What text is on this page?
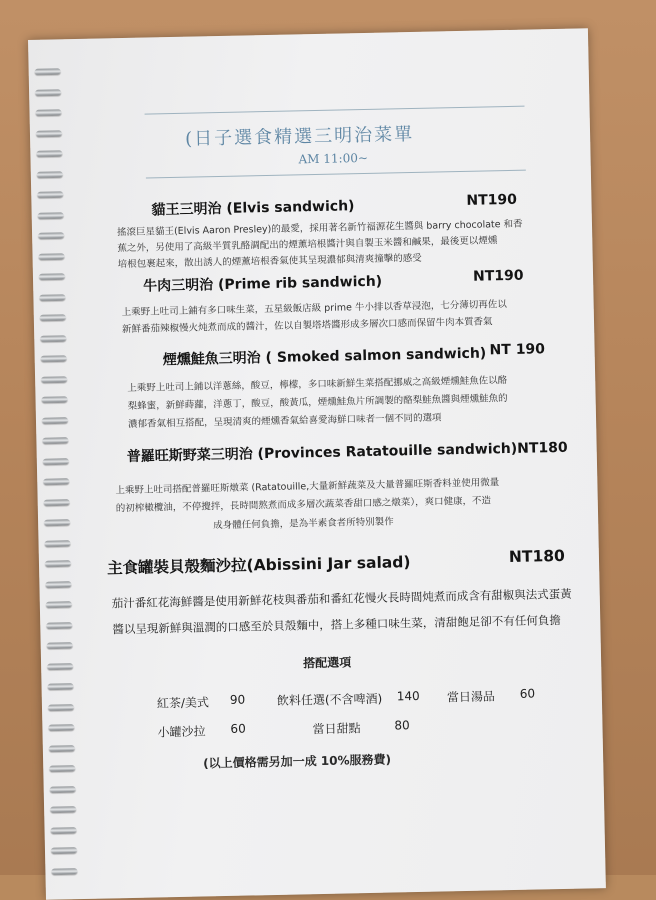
(日子選食精選三明治菜單
AM 11:00~
貓王三明治 (Elvis sandwich)	NT190
搖滾巨星貓王(Elvis Aaron Presley)的最愛，採用著名新竹福源花生醬與 barry chocolate 和香
蕉之外，另使用了高級半質乳酪調配出的煙薰培根醬汁與自製玉米醬和鹹果，最後更以煙燻
培根包裹起來，散出誘人的煙薰培根香氣使其呈現濃郁與清爽撞擊的感受
牛肉三明治 (Prime rib sandwich)	NT190
上乘野上吐司上鋪有多口味生菜，五星級飯店級 prime 牛小排以香草浸泡，七分薄切再佐以
新鮮番茄辣椒慢火炖煮而成的醬汁，佐以自製塔塔醬形成多層次口感而保留牛肉本質香氣
煙燻鮭魚三明治 ( Smoked salmon sandwich) NT 190
上乘野上吐司上鋪以洋蔥絲，酸豆，檸檬，多口味新鮮生菜搭配挪威之高級煙燻鮭魚佐以酪
梨蜂蜜，新鮮蒔蘿，洋蔥丁，酸豆，酸黃瓜，煙燻鮭魚片所調製的酪梨鮭魚醬與煙燻鮭魚的
濃郁香氣相互搭配，呈現清爽的煙燻香氣給喜愛海鮮口味者一個不同的選項
普羅旺斯野菜三明治 (Provinces Ratatouille sandwich)NT180
上乘野上吐司搭配普羅旺斯燉菜 (Ratatouille,大量新鮮蔬菜及大量普羅旺斯香料並使用微量
的初榨橄欖油，不停攪拌，長時間熬煮而成多層次蔬菜香甜口感之燉菜），爽口健康，不造
成身體任何負擔，是為半素食者所特別製作
主食罐裝貝殼麵沙拉(Abissini Jar salad)	NT180
茄汁番紅花海鮮醬是使用新鮮花枝與番茄和番紅花慢火長時間炖煮而成含有甜椒與法式蛋黃
醬以呈現新鮮與溫潤的口感至於貝殼麵中，搭上多種口味生菜，清甜飽足卻不有任何負擔
搭配選項
紅茶/美式 90	飲料任選(不含啤酒) 140 當日湯品 60
小罐沙拉 60	當日甜點	80
(以上價格需另加一成 10%服務費)
